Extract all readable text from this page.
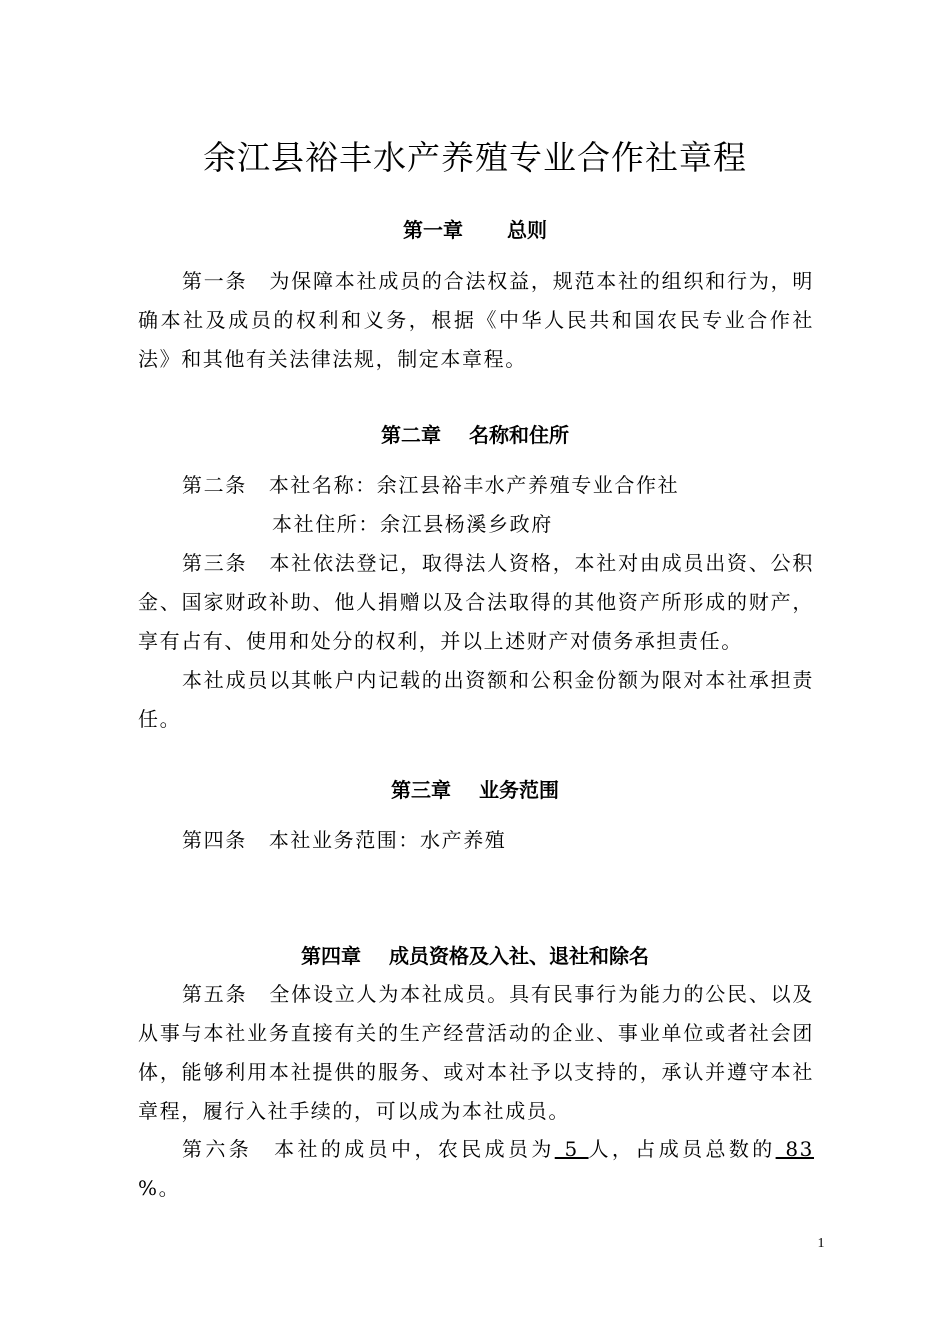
余江县裕丰水产养殖专业合作社章程
第一章 总则
第一条 为保障本社成员的合法权益，规范本社的组织和行为，明确本社及成员的权利和义务，根据《中华人民共和国农民专业合作社法》和其他有关法律法规，制定本章程。
第二章 名称和住所
第二条 本社名称：余江县裕丰水产养殖专业合作社
本社住所：余江县杨溪乡政府
第三条 本社依法登记，取得法人资格，本社对由成员出资、公积金、国家财政补助、他人捐赠以及合法取得的其他资产所形成的财产，享有占有、使用和处分的权利，并以上述财产对债务承担责任。
本社成员以其帐户内记载的出资额和公积金份额为限对本社承担责任。
第三章 业务范围
第四条 本社业务范围：水产养殖
第四章 成员资格及入社、退社和除名
第五条 全体设立人为本社成员。具有民事行为能力的公民、以及从事与本社业务直接有关的生产经营活动的企业、事业单位或者社会团体，能够利用本社提供的服务、或对本社予以支持的，承认并遵守本社章程，履行入社手续的，可以成为本社成员。
第六条 本社的成员中，农民成员为 5 人，占成员总数的 83 %。
1
